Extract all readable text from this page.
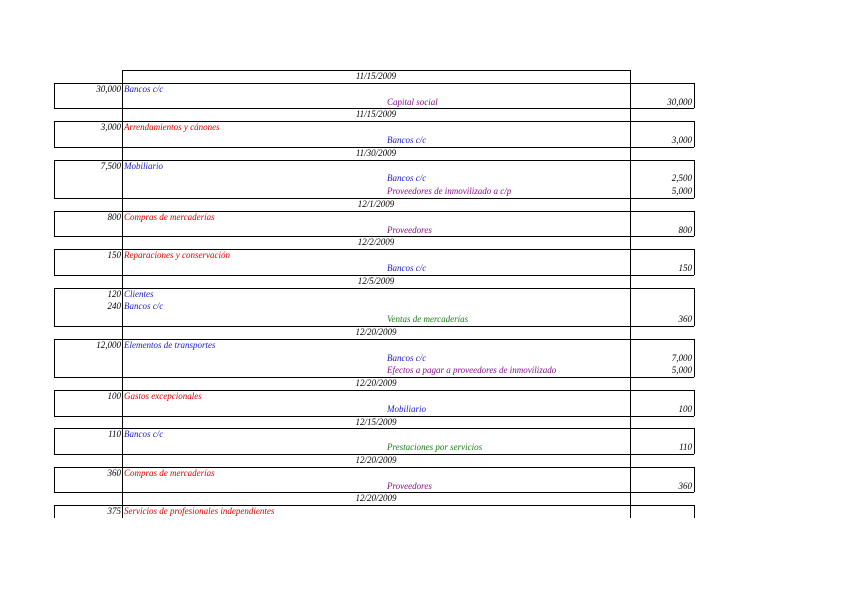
11/15/2009
30,000 Bancos c/c
Capital social	30,000
11/15/2009
3,000 Arrendamientos y cánones
Bancos c/c	3,000
11/30/2009
7,500 Mobiliario
Bancos c/c	2,500
Proveedores de inmovilizado a c/p	5,000
12/1/2009
800 Compras de mercaderías
Proveedores	800
12/2/2009
150 Reparaciones y conservación
Bancos c/c	150
12/5/2009
120 Clientes
240 Bancos c/c
Ventas de mercaderías	360
12/20/2009
12,000 Elementos de transportes
Bancos c/c	7,000
Efectos a pagar a proveedores de inmovilizado	5,000
12/20/2009
100 Gastos excepcionales
Mobiliario	100
12/15/2009
110 Bancos c/c
Prestaciones por servicios	110
12/20/2009
360 Compras de mercaderías
Proveedores	360
12/20/2009
375 Servicios de profesionales independientes
